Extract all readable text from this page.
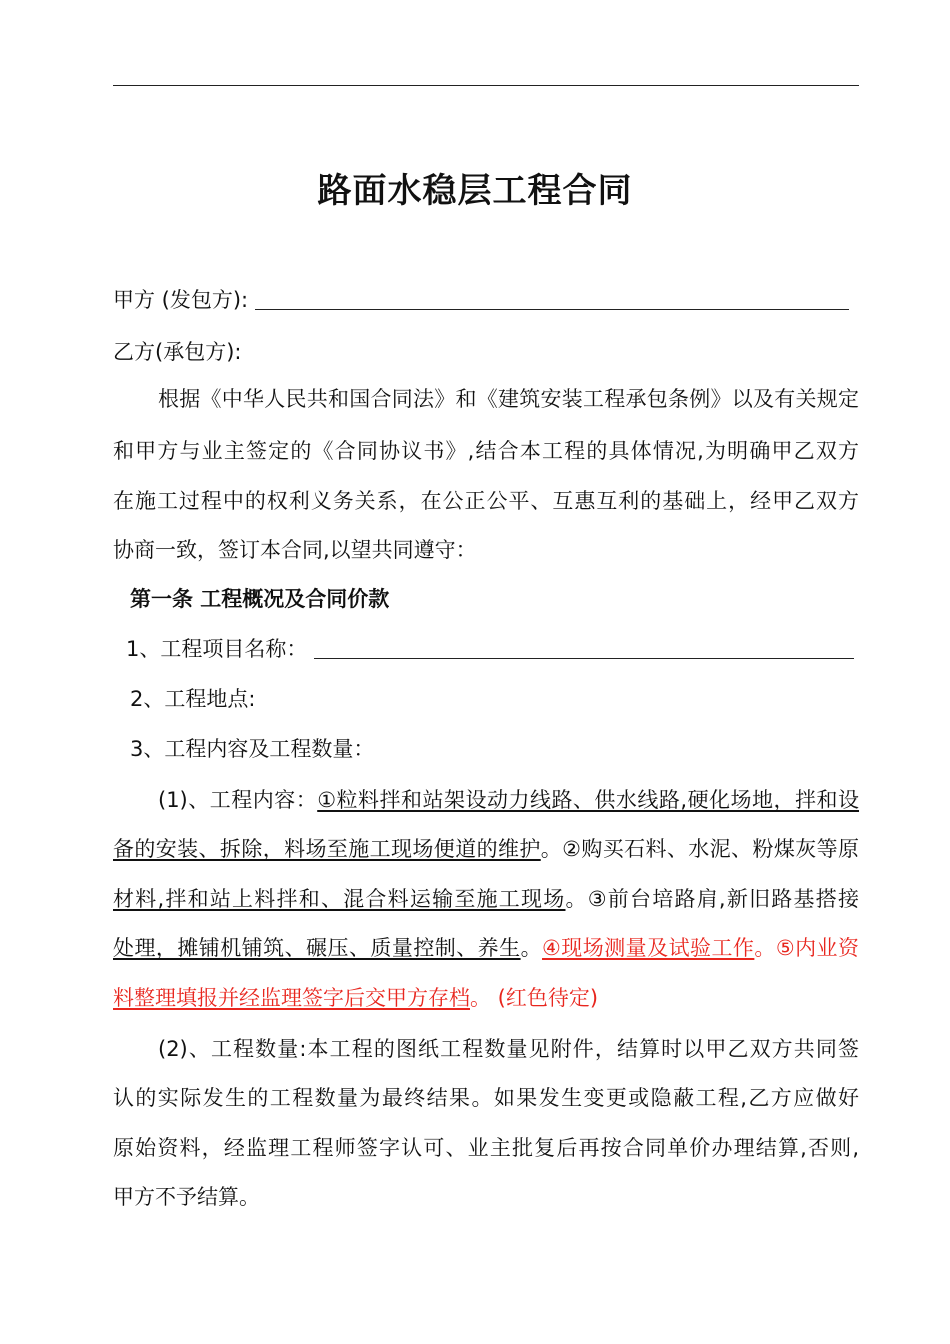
路面水稳层工程合同
甲方 (发包方):
乙方(承包方):
根据《中华人民共和国合同法》和《建筑安装工程承包条例》以及有关规定
和甲方与业主签定的《合同协议书》,结合本工程的具体情况,为明确甲乙双方
在施工过程中的权利义务关系，在公正公平、互惠互利的基础上，经甲乙双方
协商一致，签订本合同,以望共同遵守：
第一条 工程概况及合同价款
1、工程项目名称：
2、工程地点:
3、工程内容及工程数量：
(1)、工程内容：①粒料拌和站架设动力线路、供水线路,硬化场地，拌和设
备的安装、拆除，料场至施工现场便道的维护。②购买石料、水泥、粉煤灰等原
材料,拌和站上料拌和、混合料运输至施工现场。③前台培路肩,新旧路基搭接
处理，摊铺机铺筑、碾压、质量控制、养生。④现场测量及试验工作。⑤内业资
料整理填报并经监理签字后交甲方存档。 (红色待定)
(2)、工程数量:本工程的图纸工程数量见附件，结算时以甲乙双方共同签
认的实际发生的工程数量为最终结果。如果发生变更或隐蔽工程,乙方应做好
原始资料，经监理工程师签字认可、业主批复后再按合同单价办理结算,否则,
甲方不予结算。
